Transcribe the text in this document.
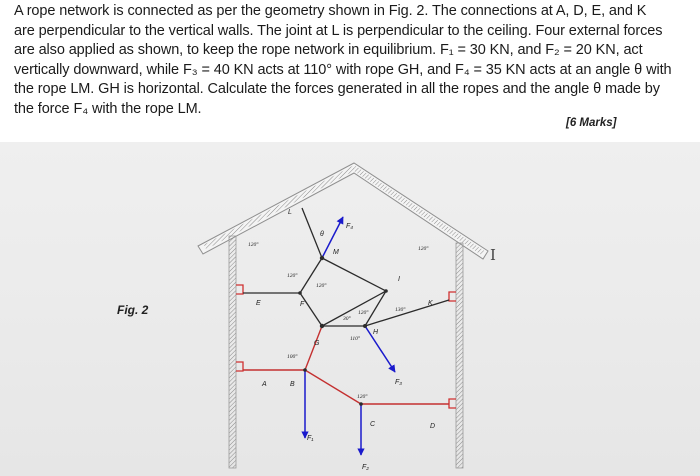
A rope network is connected as per the geometry shown in Fig. 2. The connections at A, D, E, and K

are perpendicular to the vertical walls. The joint at L is perpendicular to the ceiling. Four external forces

are also applied as shown, to keep the rope network in equilibrium. F₁ = 30 KN, and F₂ = 20 KN, act

vertically downward, while F₃ = 40 KN acts at 110° with rope GH, and F₄ = 35 KN acts at an angle θ with

the rope LM. GH is horizontal. Calculate the forces generated in all the ropes and the angle θ made by

the force F₄ with the rope LM.

[6 Marks]
Fig. 2
I
L
M
I
E	F	K
G
H
A	B
C	D
θ
120°
120°
120°
120°
120°
30°
130°
110°
100°
120°
F₄
F₃
F₁
F₂
